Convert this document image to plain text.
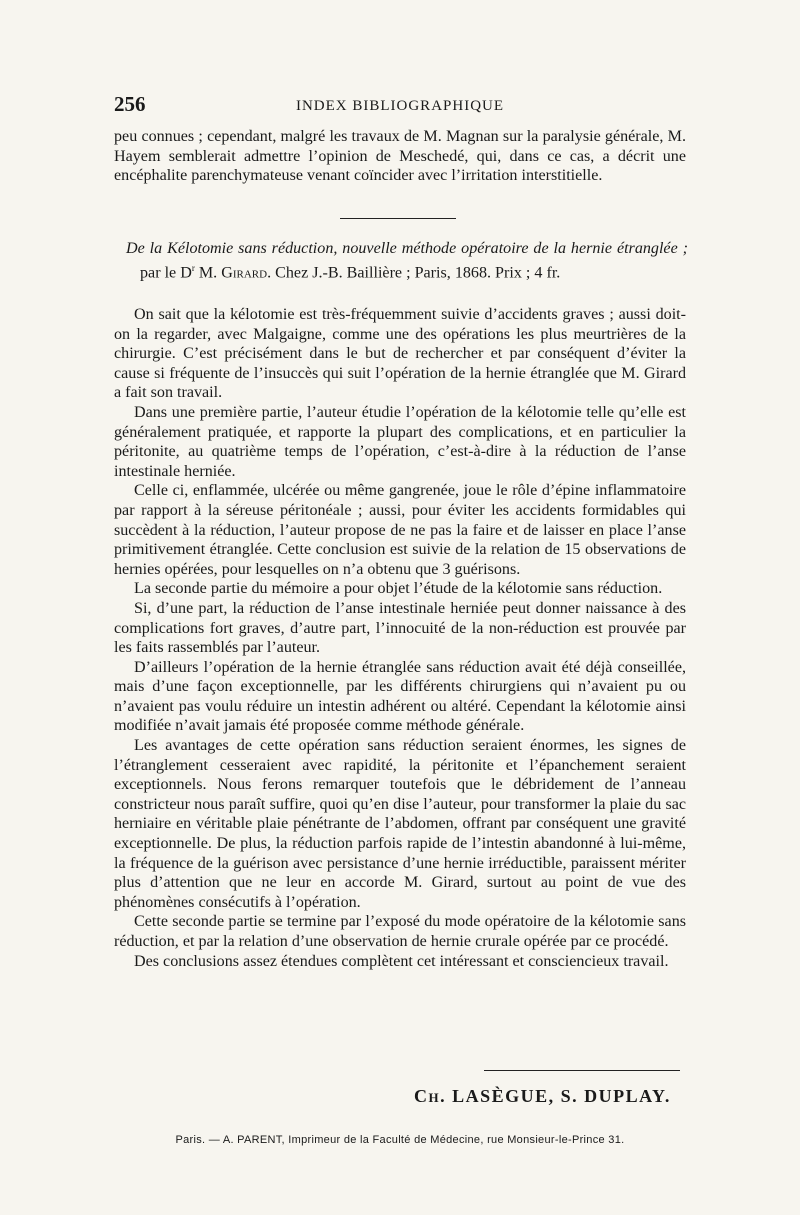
256	INDEX BIBLIOGRAPHIQUE

peu connues ; cependant, malgré les travaux de M. Magnan sur la paralysie générale, M. Hayem semblerait admettre l’opinion de Meschedé, qui, dans ce cas, a décrit une encéphalite parenchymateuse venant coïncider avec l’irritation interstitielle.

De la Kélotomie sans réduction, nouvelle méthode opératoire de la hernie étranglée ; par le $D^r$ M. Girard. Chez J.-B. Baillière ; Paris, 1868. Prix ; 4 fr.

On sait que la kélotomie est très-fréquemment suivie d’accidents graves ; aussi doit-on la regarder, avec Malgaigne, comme une des opérations les plus meurtrières de la chirurgie. C’est précisément dans le but de rechercher et par conséquent d’éviter la cause si fréquente de l’insuccès qui suit l’opération de la hernie étranglée que M. Girard a fait son travail.

Dans une première partie, l’auteur étudie l’opération de la kélotomie telle qu’elle est généralement pratiquée, et rapporte la plupart des complications, et en particulier la péritonite, au quatrième temps de l’opération, c’est-à-dire à la réduction de l’anse intestinale herniée.

Celle ci, enflammée, ulcérée ou même gangrenée, joue le rôle d’épine inflammatoire par rapport à la séreuse péritonéale ; aussi, pour éviter les accidents formidables qui succèdent à la réduction, l’auteur propose de ne pas la faire et de laisser en place l’anse primitivement étranglée. Cette conclusion est suivie de la relation de 15 observations de hernies opérées, pour lesquelles on n’a obtenu que 3 guérisons.

La seconde partie du mémoire a pour objet l’étude de la kélotomie sans réduction.

Si, d’une part, la réduction de l’anse intestinale herniée peut donner naissance à des complications fort graves, d’autre part, l’innocuité de la non-réduction est prouvée par les faits rassemblés par l’auteur.

D’ailleurs l’opération de la hernie étranglée sans réduction avait été déjà conseillée, mais d’une façon exceptionnelle, par les différents chirurgiens qui n’avaient pu ou n’avaient pas voulu réduire un intestin adhérent ou altéré. Cependant la kélotomie ainsi modifiée n’avait jamais été proposée comme méthode générale.

Les avantages de cette opération sans réduction seraient énormes, les signes de l’étranglement cesseraient avec rapidité, la péritonite et l’épanchement seraient exceptionnels. Nous ferons remarquer toutefois que le débridement de l’anneau constricteur nous paraît suffire, quoi qu’en dise l’auteur, pour transformer la plaie du sac herniaire en véritable plaie pénétrante de l’abdomen, offrant par conséquent une gravité exceptionnelle. De plus, la réduction parfois rapide de l’intestin abandonné à lui-même, la fréquence de la guérison avec persistance d’une hernie irréductible, paraissent mériter plus d’attention que ne leur en accorde M. Girard, surtout au point de vue des phénomènes consécutifs à l’opération.

Cette seconde partie se termine par l’exposé du mode opératoire de la kélotomie sans réduction, et par la relation d’une observation de hernie crurale opérée par ce procédé.

Des conclusions assez étendues complètent cet intéressant et consciencieux travail.

Ch. LASÈGUE, S. DUPLAY.
Paris. — A. PARENT, Imprimeur de la Faculté de Médecine, rue Monsieur-le-Prince 31.
